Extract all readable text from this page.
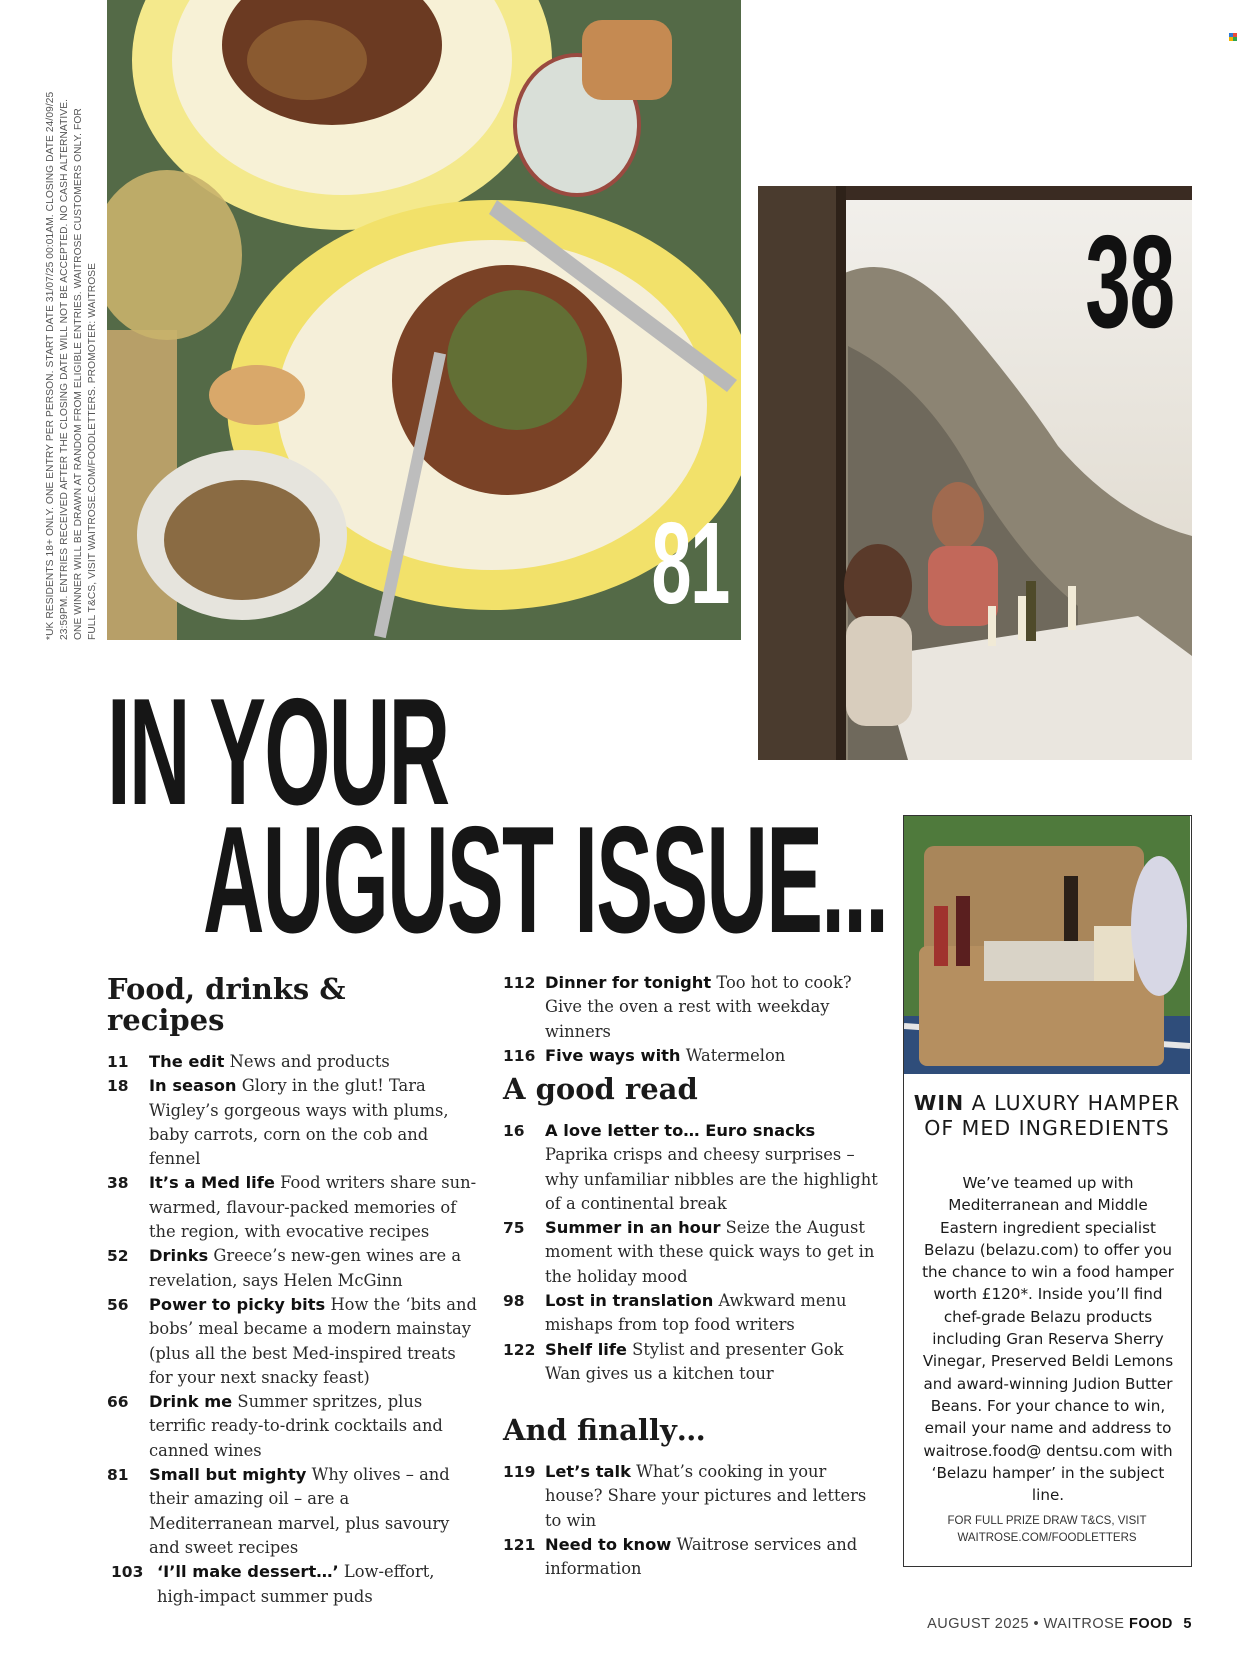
*UK RESIDENTS 18+ ONLY. ONE ENTRY PER PERSON. START DATE 31/07/25 00:01AM. CLOSING DATE 24/09/25 23:59PM. ENTRIES RECEIVED AFTER THE CLOSING DATE WILL NOT BE ACCEPTED. NO CASH ALTERNATIVE. ONE WINNER WILL BE DRAWN AT RANDOM FROM ELIGIBLE ENTRIES. WAITROSE CUSTOMERS ONLY. FOR FULL T&CS, VISIT WAITROSE.COM/FOODLETTERS. PROMOTER: WAITROSE	81
38
IN YOUR
AUGUST ISSUE...
Food, drinks & recipes
11 The edit News and products
18 In season Glory in the glut! Tara Wigley’s gorgeous ways with plums, baby carrots, corn on the cob and fennel
38 It’s a Med life Food writers share sun-warmed, flavour-packed memories of the region, with evocative recipes
52 Drinks Greece’s new-gen wines are a revelation, says Helen McGinn
56 Power to picky bits How the ‘bits and bobs’ meal became a modern mainstay (plus all the best Med-inspired treats for your next snacky feast)
66 Drink me Summer spritzes, plus terrific ready-to-drink cocktails and canned wines
81 Small but mighty Why olives – and their amazing oil – are a Mediterranean marvel, plus savoury and sweet recipes
103 ‘I’ll make dessert…’ Low-effort, high-impact summer puds
112 Dinner for tonight Too hot to cook? Give the oven a rest with weekday winners
116 Five ways with Watermelon
A good read
16 A love letter to… Euro snacks Paprika crisps and cheesy surprises – why unfamiliar nibbles are the highlight of a continental break
75 Summer in an hour Seize the August moment with these quick ways to get in the holiday mood
98 Lost in translation Awkward menu mishaps from top food writers
122 Shelf life Stylist and presenter Gok Wan gives us a kitchen tour
And finally…
119 Let’s talk What’s cooking in your house? Share your pictures and letters to win
121 Need to know Waitrose services and information
WIN A LUXURY HAMPER OF MED INGREDIENTS
We’ve teamed up with Mediterranean and Middle Eastern ingredient specialist Belazu (belazu.com) to offer you the chance to win a food hamper worth £120*. Inside you’ll find chef-grade Belazu products including Gran Reserva Sherry Vinegar, Preserved Beldi Lemons and award-winning Judion Butter Beans. For your chance to win, email your name and address to waitrose.food@ dentsu.com with ‘Belazu hamper’ in the subject line.
FOR FULL PRIZE DRAW T&CS, VISIT WAITROSE.COM/FOODLETTERS
AUGUST 2025 • WAITROSE FOOD 5
